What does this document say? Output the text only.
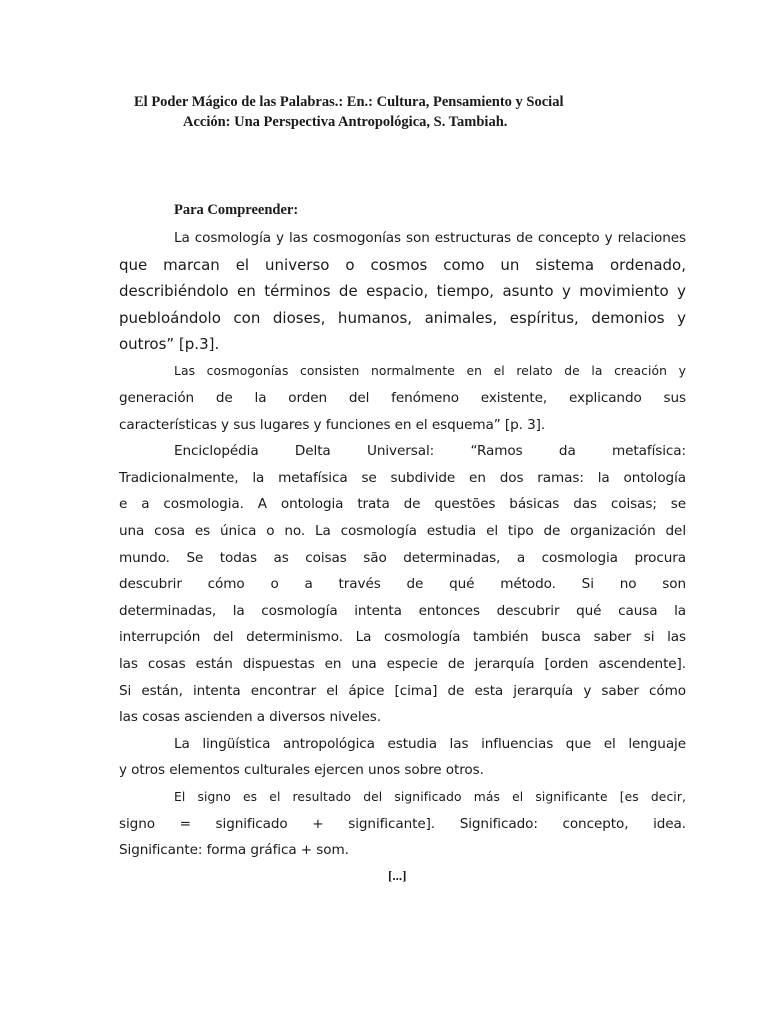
El Poder Mágico de las Palabras.: En.: Cultura, Pensamiento y Social
Acción: Una Perspectiva Antropológica, S. Tambiah.
Para Compreender:
La cosmología y las cosmogonías son estructuras de concepto y relaciones
que marcan el universo o cosmos como un sistema ordenado,
describiéndolo en términos de espacio, tiempo, asunto y movimiento y
puebloándolo con dioses, humanos, animales, espíritus, demonios y
outros” [p.3].
Las cosmogonías consisten normalmente en el relato de la creación y
generación de la orden del fenómeno existente, explicando sus
características y sus lugares y funciones en el esquema” [p. 3].
Enciclopédia Delta Universal: “Ramos da metafísica:
Tradicionalmente, la metafísica se subdivide en dos ramas: la ontología
e a cosmologia. A ontologia trata de questões básicas das coisas; se
una cosa es única o no. La cosmología estudia el tipo de organización del
mundo. Se todas as coisas são determinadas, a cosmologia procura
descubrir cómo o a través de qué método. Si no son
determinadas, la cosmología intenta entonces descubrir qué causa la
interrupción del determinismo. La cosmología también busca saber si las
las cosas están dispuestas en una especie de jerarquía [orden ascendente].
Si están, intenta encontrar el ápice [cima] de esta jerarquía y saber cómo
las cosas ascienden a diversos niveles.
La lingüística antropológica estudia las influencias que el lenguaje
y otros elementos culturales ejercen unos sobre otros.
El signo es el resultado del significado más el significante [es decir,
signo = significado + significante]. Significado: concepto, idea.
Significante: forma gráfica + som.
[...]
